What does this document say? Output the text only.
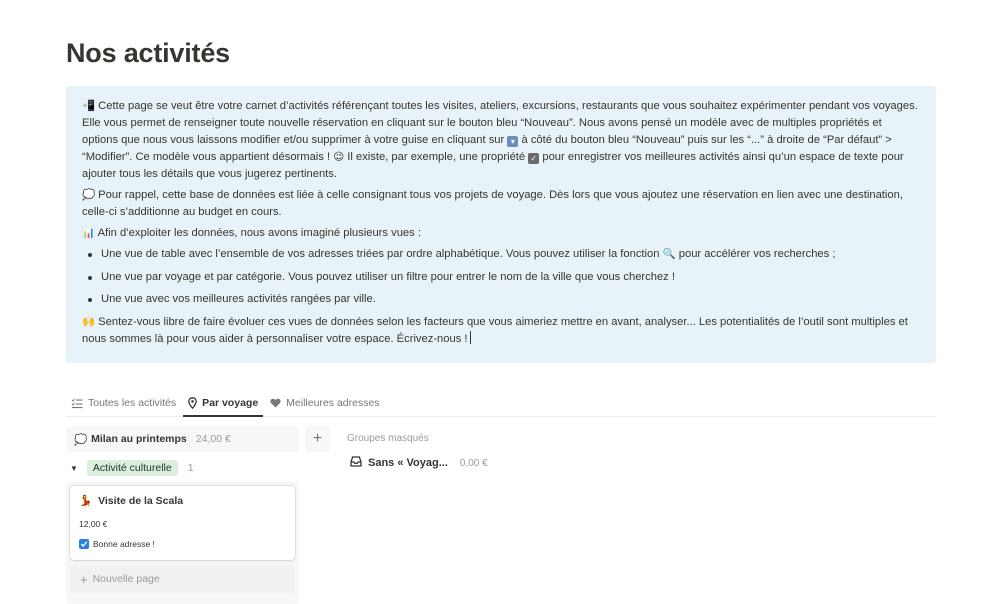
Nos activités

📲 Cette page se veut être votre carnet d’activités référençant toutes les visites, ateliers, excursions, restaurants que vous souhaitez expérimenter pendant vos voyages. Elle vous permet de renseigner toute nouvelle réservation en cliquant sur le bouton bleu “Nouveau”. Nous avons pensé un modèle avec de multiples propriétés et options que nous vous laissons modifier et/ou supprimer à votre guise en cliquant sur ▾ à côté du bouton bleu “Nouveau” puis sur les “...” à droite de “Par défaut” > “Modifier”. Ce modèle vous appartient désormais ! 😉 Il existe, par exemple, une propriété ✓ pour enregistrer vos meilleures activités ainsi qu’un espace de texte pour ajouter tous les détails que vous jugerez pertinents.

💭 Pour rappel, cette base de données est liée à celle consignant tous vos projets de voyage. Dès lors que vous ajoutez une réservation en lien avec une destination, celle-ci s’additionne au budget en cours.

📊 Afin d’exploiter les données, nous avons imaginé plusieurs vues :

Une vue de table avec l’ensemble de vos adresses triées par ordre alphabétique. Vous pouvez utiliser la fonction 🔍 pour accélérer vos recherches ;
Une vue par voyage et par catégorie. Vous pouvez utiliser un filtre pour entrer le nom de la ville que vous cherchez !
Une vue avec vos meilleures activités rangées par ville.

🙌 Sentez-vous libre de faire évoluer ces vues de données selon les facteurs que vous aimeriez mettre en avant, analyser... Les potentialités de l’outil sont multiples et nous sommes là pour vous aider à personnaliser votre espace. Écrivez-nous !

Toutes les activités Par voyage	Meilleures adresses
💭 Milan au printemps 24,00 €	+	Groupes masqués
Sans « Voyag... 0,00 €
▼	Activité culturelle	1
💃 Visite de la Scala
12,00 €
Bonne adresse !
+ Nouvelle page
